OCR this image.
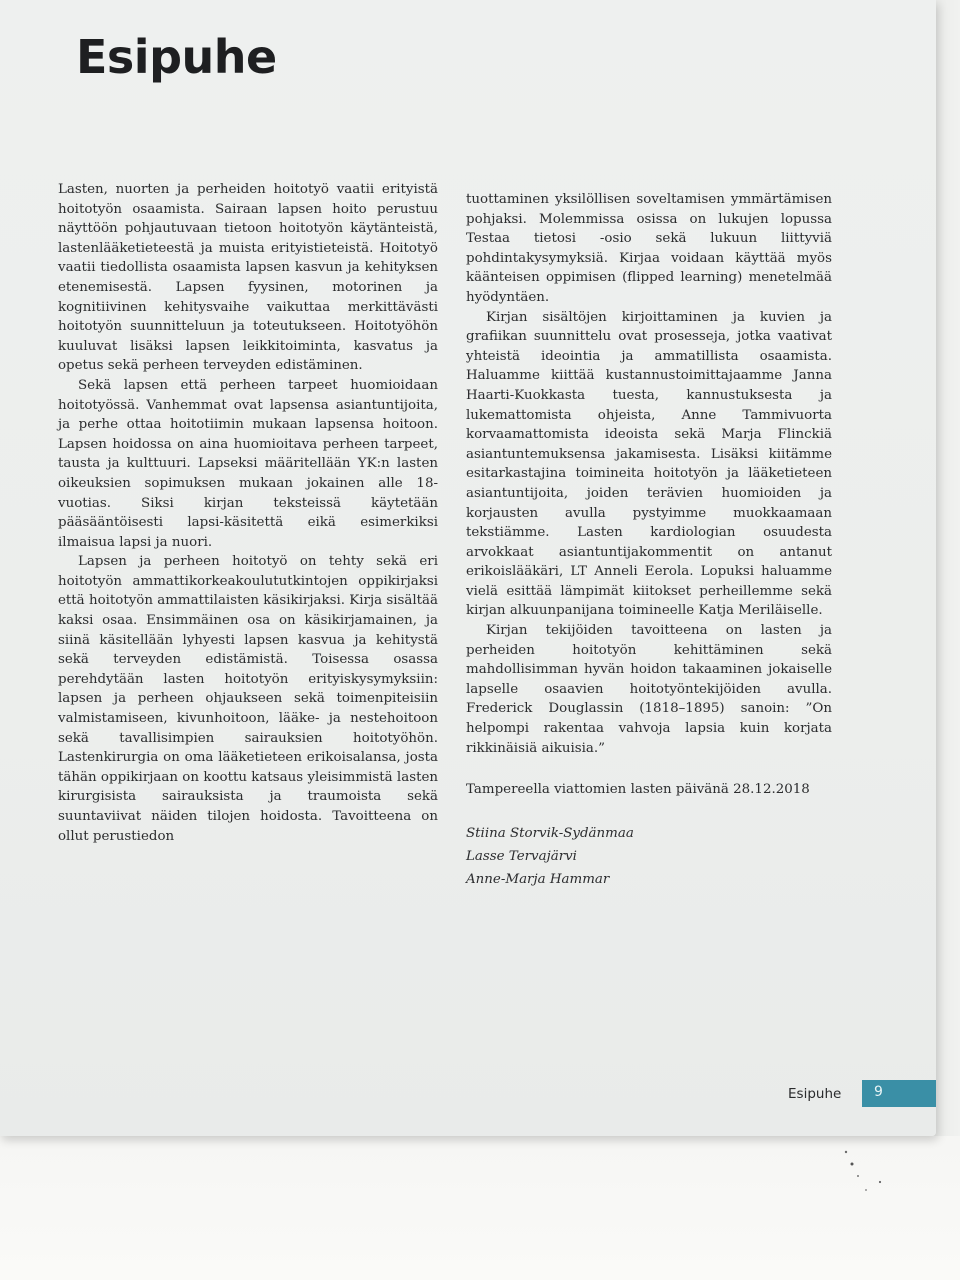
Esipuhe

Lasten, nuorten ja perheiden hoitotyö vaatii erityistä hoitotyön osaamista. Sairaan lapsen hoito perustuu näyttöön pohjautuvaan tietoon hoitotyön käytänteistä, lastenlääketieteestä ja muista erityistieteistä. Hoitotyö vaatii tiedollista osaamista lapsen kasvun ja kehityksen etenemisestä. Lapsen fyysinen, motorinen ja kognitiivinen kehitysvaihe vaikuttaa merkittävästi hoitotyön suunnitteluun ja toteutukseen. Hoitotyöhön kuuluvat lisäksi lapsen leikkitoiminta, kasvatus ja opetus sekä perheen terveyden edistäminen.

Sekä lapsen että perheen tarpeet huomioidaan hoitotyössä. Vanhemmat ovat lapsensa asiantuntijoita, ja perhe ottaa hoitotiimin mukaan lapsensa hoitoon. Lapsen hoidossa on aina huomioitava perheen tarpeet, tausta ja kulttuuri. Lapseksi määritellään YK:n lasten oikeuksien sopimuksen mukaan jokainen alle 18-vuotias. Siksi kirjan teksteissä käytetään pääsääntöisesti lapsi-käsitettä eikä esimerkiksi ilmaisua lapsi ja nuori.

Lapsen ja perheen hoitotyö on tehty sekä eri hoitotyön ammattikorkeakoulututkintojen oppikirjaksi että hoitotyön ammattilaisten käsikirjaksi. Kirja sisältää kaksi osaa. Ensimmäinen osa on käsikirjamainen, ja siinä käsitellään lyhyesti lapsen kasvua ja kehitystä sekä terveyden edistämistä. Toisessa osassa perehdytään lasten hoitotyön erityiskysymyksiin: lapsen ja perheen ohjaukseen sekä toimenpiteisiin valmistamiseen, kivunhoitoon, lääke- ja nestehoitoon sekä tavallisimpien sairauksien hoitotyöhön. Lastenkirurgia on oma lääketieteen erikoisalansa, josta tähän oppikirjaan on koottu katsaus yleisimmistä lasten kirurgisista sairauksista ja traumoista sekä suuntaviivat näiden tilojen hoidosta. Tavoitteena on ollut perustiedon

tuottaminen yksilöllisen soveltamisen ymmärtämisen pohjaksi. Molemmissa osissa on lukujen lopussa Testaa tietosi -osio sekä lukuun liittyviä pohdintakysymyksiä. Kirjaa voidaan käyttää myös käänteisen oppimisen (flipped learning) menetelmää hyödyntäen.

Kirjan sisältöjen kirjoittaminen ja kuvien ja grafiikan suunnittelu ovat prosesseja, jotka vaativat yhteistä ideointia ja ammatillista osaamista. Haluamme kiittää kustannustoimittajaamme Janna Haarti-Kuokkasta tuesta, kannustuksesta ja lukemattomista ohjeista, Anne Tammivuorta korvaamattomista ideoista sekä Marja Flinckiä asiantuntemuksensa jakamisesta. Lisäksi kiitämme esitarkastajina toimineita hoitotyön ja lääketieteen asiantuntijoita, joiden terävien huomioiden ja korjausten avulla pystyimme muokkaamaan tekstiämme. Lasten kardiologian osuudesta arvokkaat asiantuntijakommentit on antanut erikoislääkäri, LT Anneli Eerola. Lopuksi haluamme vielä esittää lämpimät kiitokset perheillemme sekä kirjan alkuunpanijana toimineelle Katja Meriläiselle.

Kirjan tekijöiden tavoitteena on lasten ja perheiden hoitotyön kehittäminen sekä mahdollisimman hyvän hoidon takaaminen jokaiselle lapselle osaavien hoitotyöntekijöiden avulla. Frederick Douglassin (1818–1895) sanoin: ”On helpompi rakentaa vahvoja lapsia kuin korjata rikkinäisiä aikuisia.”

Tampereella viattomien lasten päivänä 28.12.2018

Stiina Storvik-Sydänmaa
Lasse Tervajärvi
Anne-Marja Hammar
Esipuhe 9
